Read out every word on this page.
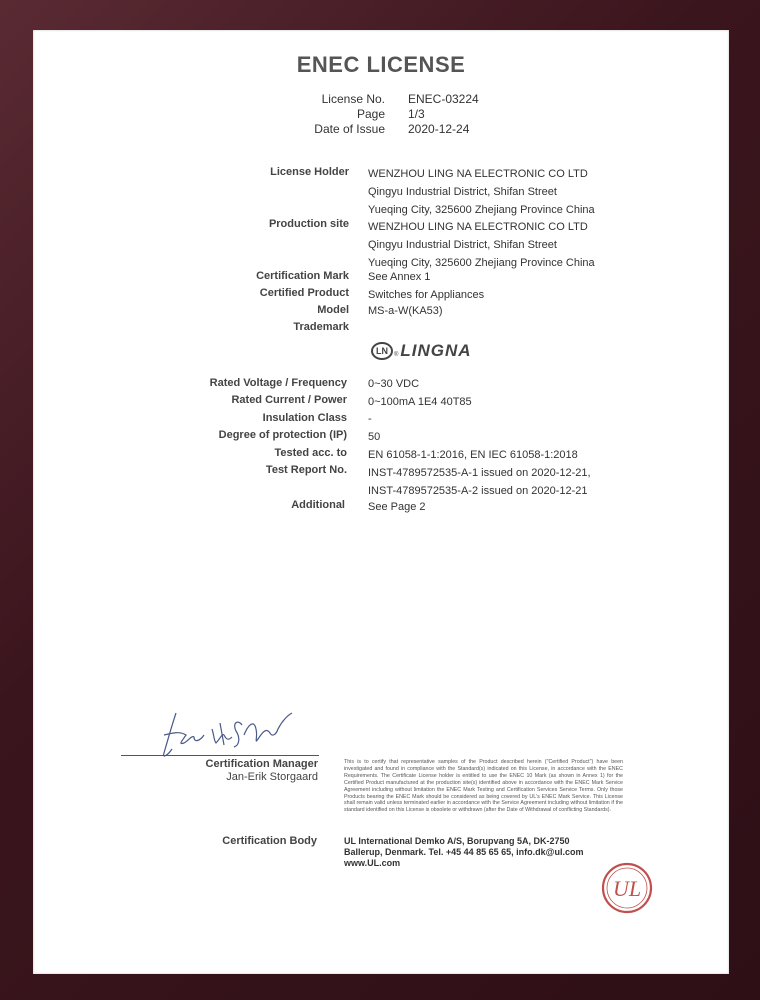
ENEC LICENSE
License No. ENEC-03224
Page 1/3
Date of Issue 2020-12-24
License Holder WENZHOU LING NA ELECTRONIC CO LTD
Qingyu Industrial District, Shifan Street
Yueqing City, 325600 Zhejiang Province China
Production site WENZHOU LING NA ELECTRONIC CO LTD
Qingyu Industrial District, Shifan Street
Yueqing City, 325600 Zhejiang Province China
Certification Mark See Annex 1
Certified Product Switches for Appliances
Model MS-a-W(KA53)
Trademark
LN	® LINGNA
Rated Voltage / Frequency 0~30 VDC
Rated Current / Power 0~100mA 1E4 40T85
Insulation Class -
Degree of protection (IP) 50
Tested acc. to EN 61058-1-1:2016, EN IEC 61058-1:2018
Test Report No. INST-4789572535-A-1 issued on 2020-12-21,
INST-4789572535-A-2 issued on 2020-12-21
Additional See Page 2
Certification Manager
Jan-Erik Storgaard
This is to certify that representative samples of the Product described herein ("Certified Product") have been investigated and found in compliance with the Standard(s) indicated on this License, in accordance with the ENEC Requirements. The Certificate License holder is entitled to use the ENEC 10 Mark (as shown in Annex 1) for the Certified Product manufactured at the production site(s) identified above in accordance with the ENEC Mark Service Agreement including without limitation the ENEC Mark Testing and Certification Services Service Terms. Only those Products bearing the ENEC Mark should be considered as being covered by UL's ENEC Mark Service. This License shall remain valid unless terminated earlier in accordance with the Service Agreement including without limitation if the standard identified on this License is obsolete or withdrawn (after the Date of Withdrawal of conflicting Standards).
Certification Body	UL International Demko A/S, Borupvang 5A, DK-2750
Ballerup, Denmark. Tel. +45 44 85 65 65, info.dk@ul.com
www.UL.com
UL
